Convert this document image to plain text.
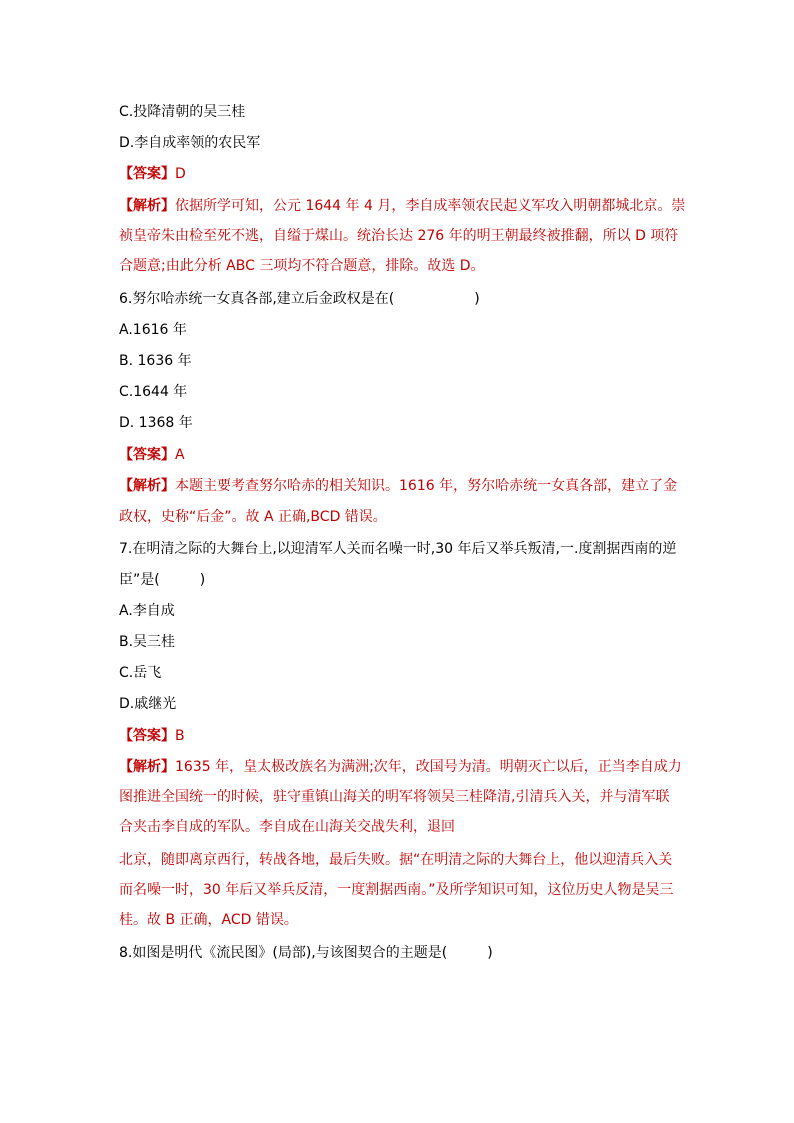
C.投降清朝的吴三桂
D.李自成率领的农民军
【答案】D
【解析】依据所学可知，公元 1644 年 4 月，李自成率领农民起义军攻入明朝都城北京。崇
祯皇帝朱由检至死不逃，自缢于煤山。统治长达 276 年的明王朝最终被推翻，所以 D 项符
合题意;由此分析 ABC 三项均不符合题意，排除。故选 D。
6.努尔哈赤统一女真各部,建立后金政权是在(	)
A.1616 年
B. 1636 年
C.1644 年
D. 1368 年
【答案】A
【解析】本题主要考查努尔哈赤的相关知识。1616 年，努尔哈赤统一女真各部，建立了金
政权，史称“后金”。故 A 正确,BCD 错误。
7.在明清之际的大舞台上,以迎清军人关而名噪一时,30 年后又举兵叛清,一.度割据西南的逆
臣”是(	)
A.李自成
B.吴三桂
C.岳飞
D.戚继光
【答案】B
【解析】1635 年，皇太极改族名为满洲;次年，改国号为清。明朝灭亡以后，正当李自成力
图推进全国统一的时候，驻守重镇山海关的明军将领吴三桂降清,引清兵入关，并与清军联
合夹击李自成的军队。李自成在山海关交战失利，退回
北京，随即离京西行，转战各地，最后失败。据“在明清之际的大舞台上，他以迎清兵入关
而名噪一时，30 年后又举兵反清，一度割据西南。”及所学知识可知，这位历史人物是吴三
桂。故 B 正确，ACD 错误。
8.如图是明代《流民图》(局部),与该图契合的主题是(	)
